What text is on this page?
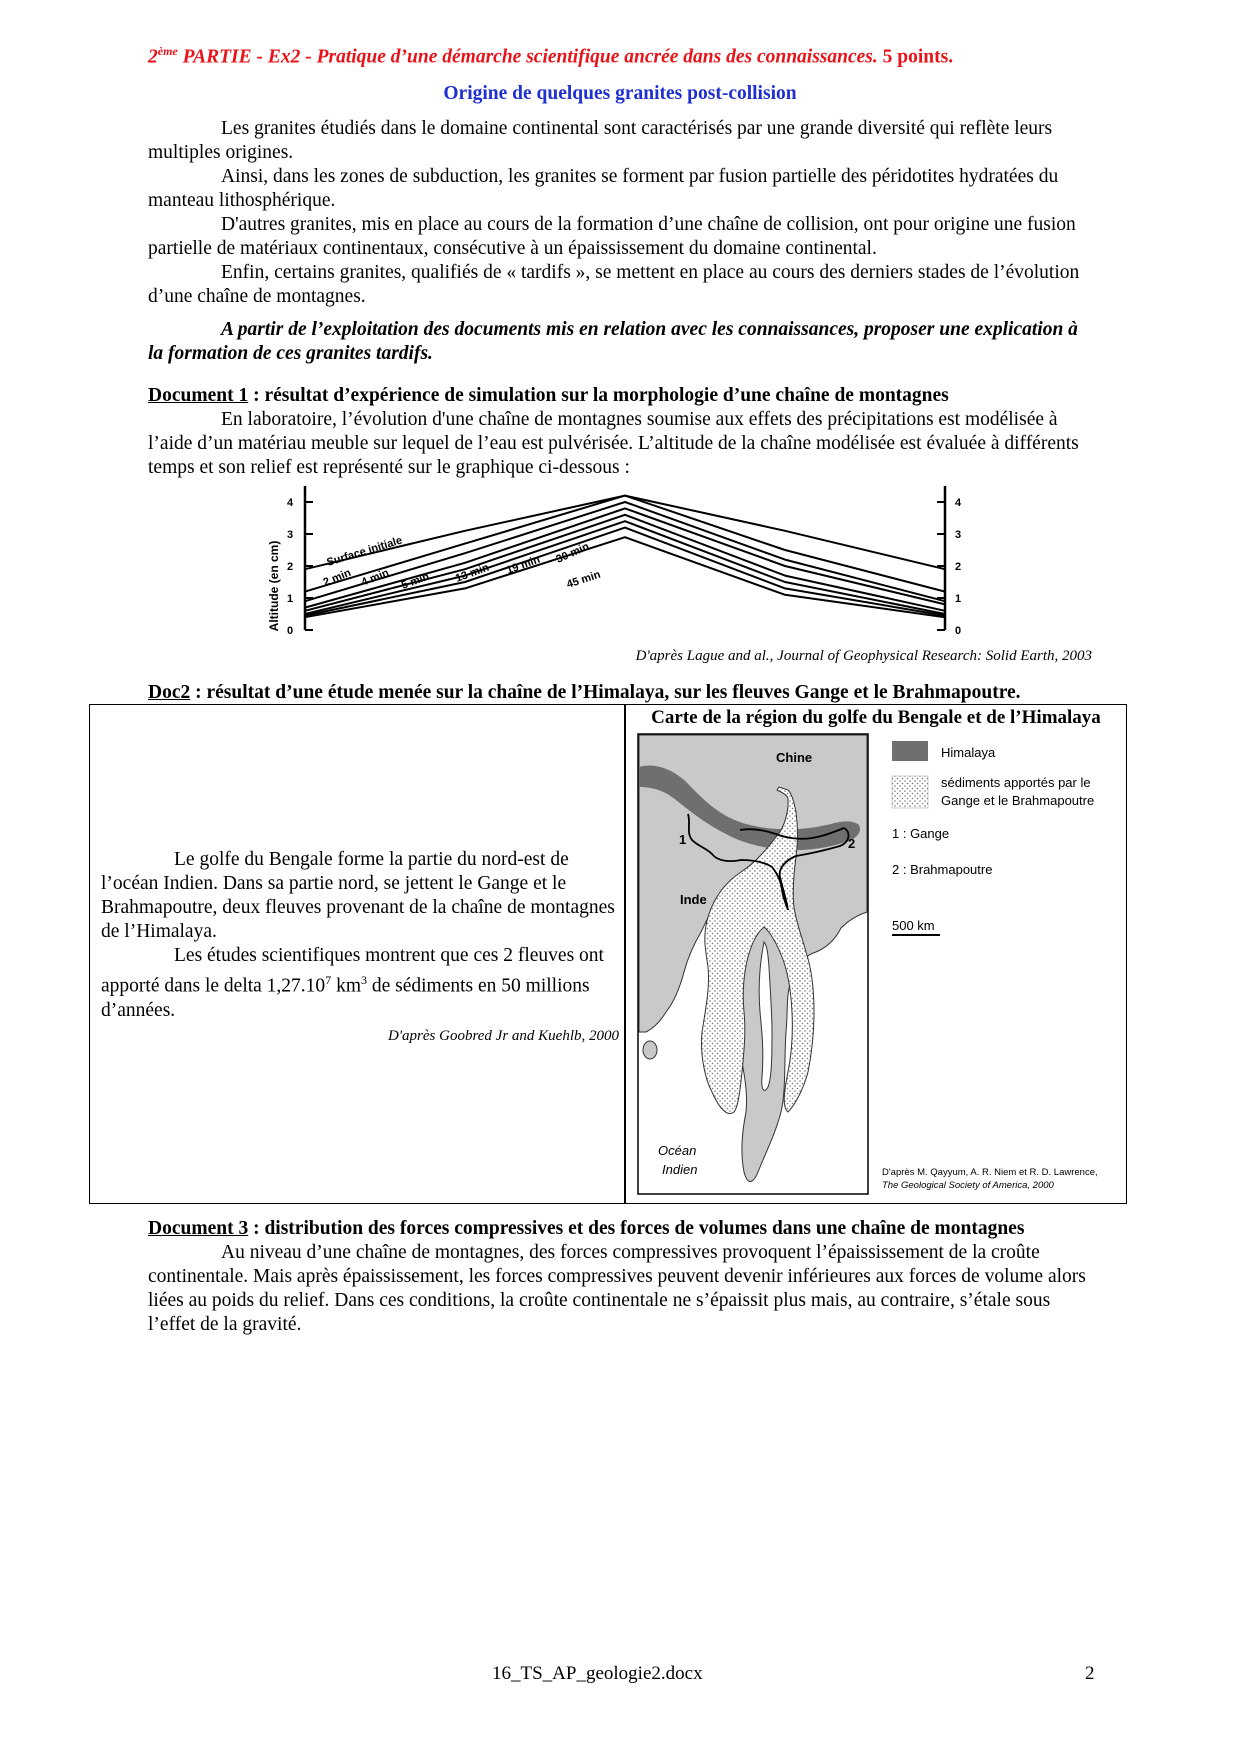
2ème PARTIE - Ex2 - Pratique d’une démarche scientifique ancrée dans des connaissances. 5 points.
Origine de quelques granites post-collision
Les granites étudiés dans le domaine continental sont caractérisés par une grande diversité qui reflète leurs multiples origines.
Ainsi, dans les zones de subduction, les granites se forment par fusion partielle des péridotites hydratées du manteau lithosphérique.
D'autres granites, mis en place au cours de la formation d’une chaîne de collision, ont pour origine une fusion partielle de matériaux continentaux, consécutive à un épaississement du domaine continental.
Enfin, certains granites, qualifiés de « tardifs », se mettent en place au cours des derniers stades de l’évolution d’une chaîne de montagnes.
A partir de l’exploitation des documents mis en relation avec les connaissances, proposer une explication à la formation de ces granites tardifs.
Document 1 : résultat d’expérience de simulation sur la morphologie d’une chaîne de montagnes
En laboratoire, l’évolution d'une chaîne de montagnes soumise aux effets des précipitations est modélisée à l’aide d’un matériau meuble sur lequel de l’eau est pulvérisée. L’altitude de la chaîne modélisée est évaluée à différents temps et son relief est représenté sur le graphique ci-dessous :
Altitude (en cm) 0	0
1	1
2	2
3	3
4	4
Surface initiale
2 min 4 min 5 min 13 min 19 min 30 min
45 min
D'après Lague and al., Journal of Geophysical Research: Solid Earth, 2003
Doc2 : résultat d’une étude menée sur la chaîne de l’Himalaya, sur les fleuves Gange et le Brahmapoutre.
Le golfe du Bengale forme la partie du nord-est de l’océan Indien. Dans sa partie nord, se jettent le Gange et le Brahmapoutre, deux fleuves provenant de la chaîne de montagnes de l’Himalaya.
Les études scientifiques montrent que ces 2 fleuves ont apporté dans le delta 1,27.10$^7$ $km^3$ de sédiments en 50 millions d’années.
D'après Goobred Jr and Kuehlb, 2000
Carte de la région du golfe du Bengale et de l’Himalaya
Océan
Indien
Chine
Inde
1	2
Himalaya
sédiments apportés par le
Gange et le Brahmapoutre
1 : Gange
2 : Brahmapoutre
500 km
D'après M. Qayyum, A. R. Niem et R. D. Lawrence,
The Geological Society of America, 2000
Document 3 : distribution des forces compressives et des forces de volumes dans une chaîne de montagnes
Au niveau d’une chaîne de montagnes, des forces compressives provoquent l’épaississement de la croûte continentale. Mais après épaississement, les forces compressives peuvent devenir inférieures aux forces de volume alors liées au poids du relief. Dans ces conditions, la croûte continentale ne s’épaissit plus mais, au contraire, s’étale sous l’effet de la gravité.
16_TS_AP_geologie2.docx	2
